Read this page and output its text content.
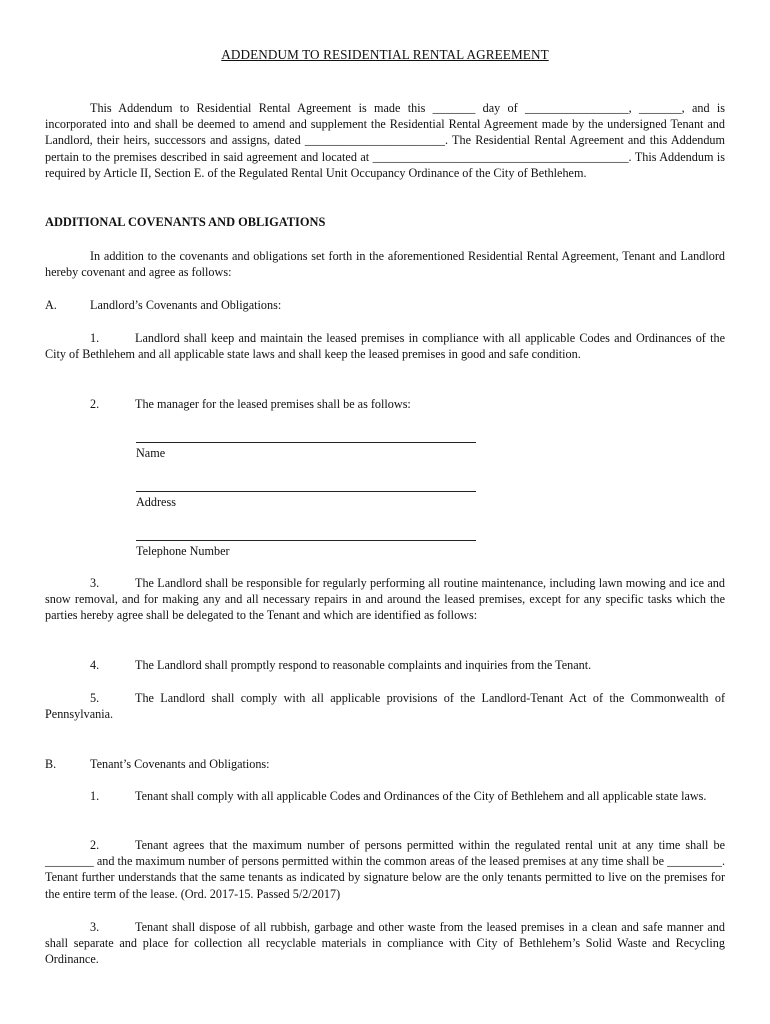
ADDENDUM TO RESIDENTIAL RENTAL AGREEMENT

This Addendum to Residential Rental Agreement is made this _______ day of _________________, _______, and is incorporated into and shall be deemed to amend and supplement the Residential Rental Agreement made by the undersigned Tenant and Landlord, their heirs, successors and assigns, dated _______________________. The Residential Rental Agreement and this Addendum pertain to the premises described in said agreement and located at __________________________________________. This Addendum is required by Article II, Section E. of the Regulated Rental Unit Occupancy Ordinance of the City of Bethlehem.

ADDITIONAL COVENANTS AND OBLIGATIONS

In addition to the covenants and obligations set forth in the aforementioned Residential Rental Agreement, Tenant and Landlord hereby covenant and agree as follows:

A.	Landlord’s Covenants and Obligations:

1.	Landlord shall keep and maintain the leased premises in compliance with all applicable Codes and Ordinances of the City of Bethlehem and all applicable state laws and shall keep the leased premises in good and safe condition.

2.	The manager for the leased premises shall be as follows:

Name
Address
Telephone Number

3.	The Landlord shall be responsible for regularly performing all routine maintenance, including lawn mowing and ice and snow removal, and for making any and all necessary repairs in and around the leased premises, except for any specific tasks which the parties hereby agree shall be delegated to the Tenant and which are identified as follows:

4.	The Landlord shall promptly respond to reasonable complaints and inquiries from the Tenant.

5.	The Landlord shall comply with all applicable provisions of the Landlord-Tenant Act of the Commonwealth of Pennsylvania.

B.	Tenant’s Covenants and Obligations:

1.	Tenant shall comply with all applicable Codes and Ordinances of the City of Bethlehem and all applicable state laws.

2.	Tenant agrees that the maximum number of persons permitted within the regulated rental unit at any time shall be ________ and the maximum number of persons permitted within the common areas of the leased premises at any time shall be _________. Tenant further understands that the same tenants as indicated by signature below are the only tenants permitted to live on the premises for the entire term of the lease. (Ord. 2017-15. Passed 5/2/2017)

3.	Tenant shall dispose of all rubbish, garbage and other waste from the leased premises in a clean and safe manner and shall separate and place for collection all recyclable materials in compliance with City of Bethlehem’s Solid Waste and Recycling Ordinance.
